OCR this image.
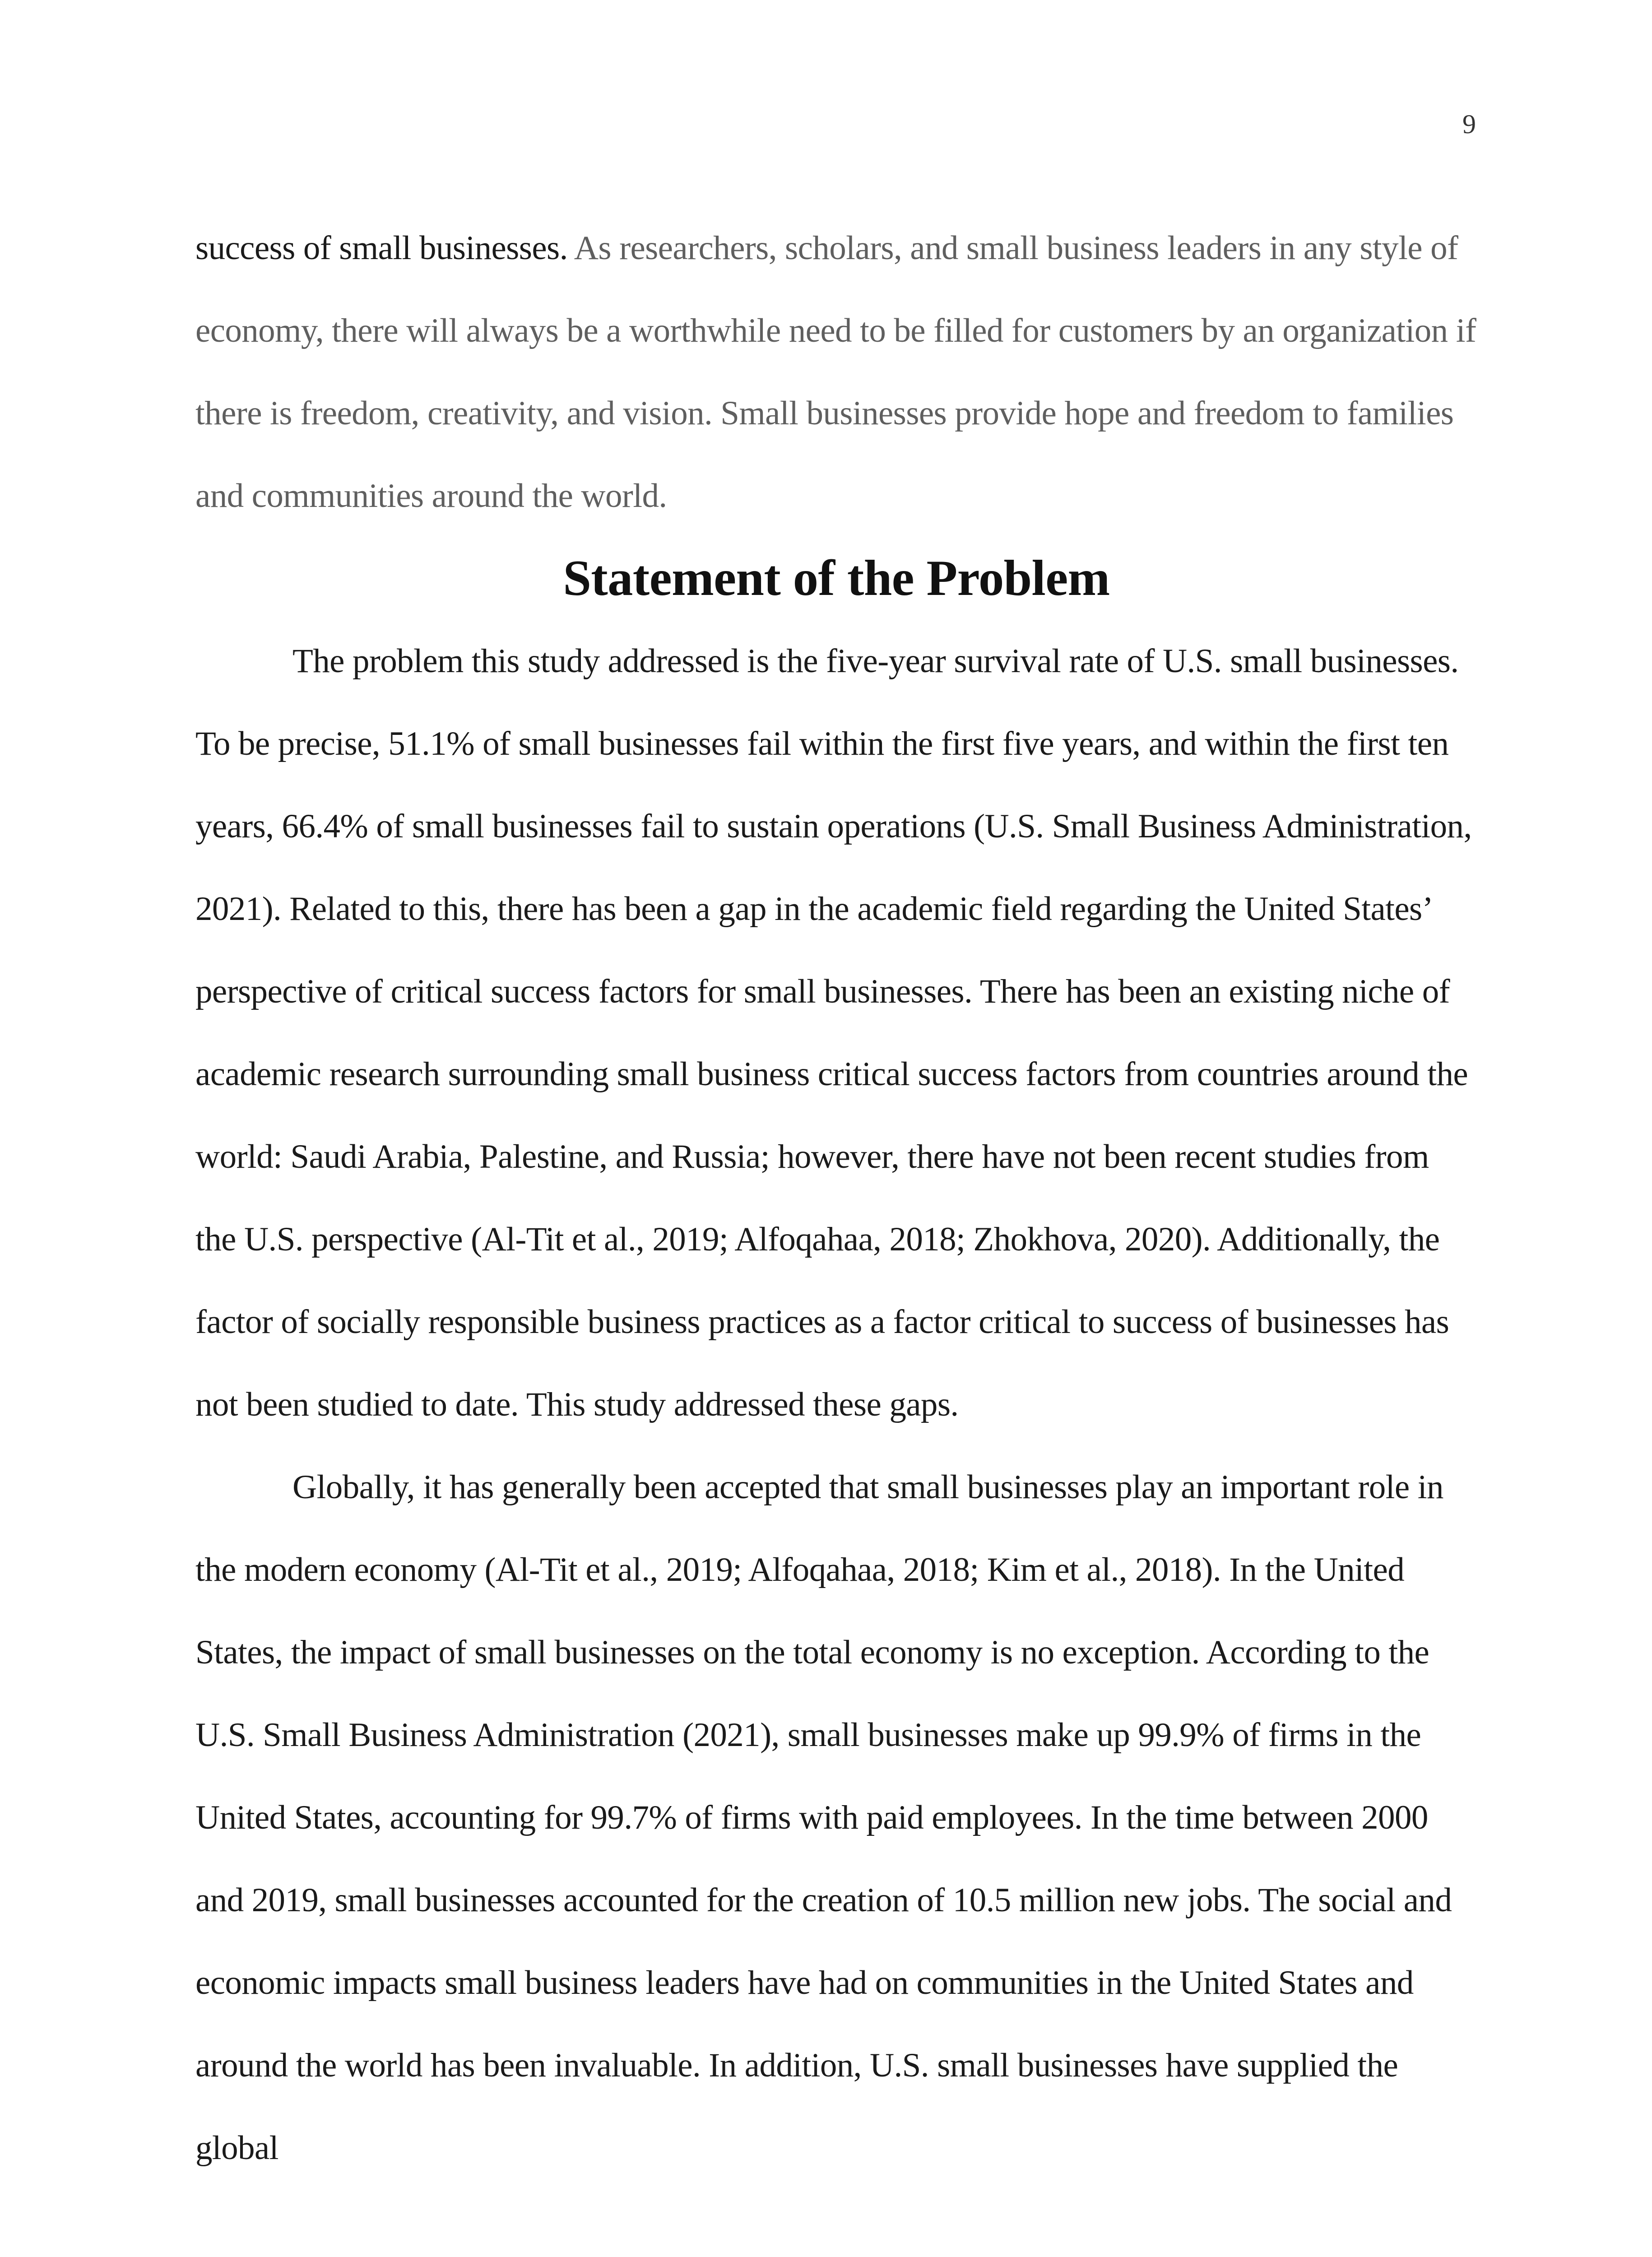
9

success of small businesses. As researchers, scholars, and small business leaders in any style of economy, there will always be a worthwhile need to be filled for customers by an organization if there is freedom, creativity, and vision. Small businesses provide hope and freedom to families and communities around the world.

Statement of the Problem

The problem this study addressed is the five-year survival rate of U.S. small businesses. To be precise, 51.1% of small businesses fail within the first five years, and within the first ten years, 66.4% of small businesses fail to sustain operations (U.S. Small Business Administration, 2021). Related to this, there has been a gap in the academic field regarding the United States’ perspective of critical success factors for small businesses. There has been an existing niche of academic research surrounding small business critical success factors from countries around the world: Saudi Arabia, Palestine, and Russia; however, there have not been recent studies from the U.S. perspective (Al-Tit et al., 2019; Alfoqahaa, 2018; Zhokhova, 2020). Additionally, the factor of socially responsible business practices as a factor critical to success of businesses has not been studied to date. This study addressed these gaps.

Globally, it has generally been accepted that small businesses play an important role in the modern economy (Al-Tit et al., 2019; Alfoqahaa, 2018; Kim et al., 2018). In the United States, the impact of small businesses on the total economy is no exception. According to the U.S. Small Business Administration (2021), small businesses make up 99.9% of firms in the United States, accounting for 99.7% of firms with paid employees. In the time between 2000 and 2019, small businesses accounted for the creation of 10.5 million new jobs. The social and economic impacts small business leaders have had on communities in the United States and around the world has been invaluable. In addition, U.S. small businesses have supplied the global
